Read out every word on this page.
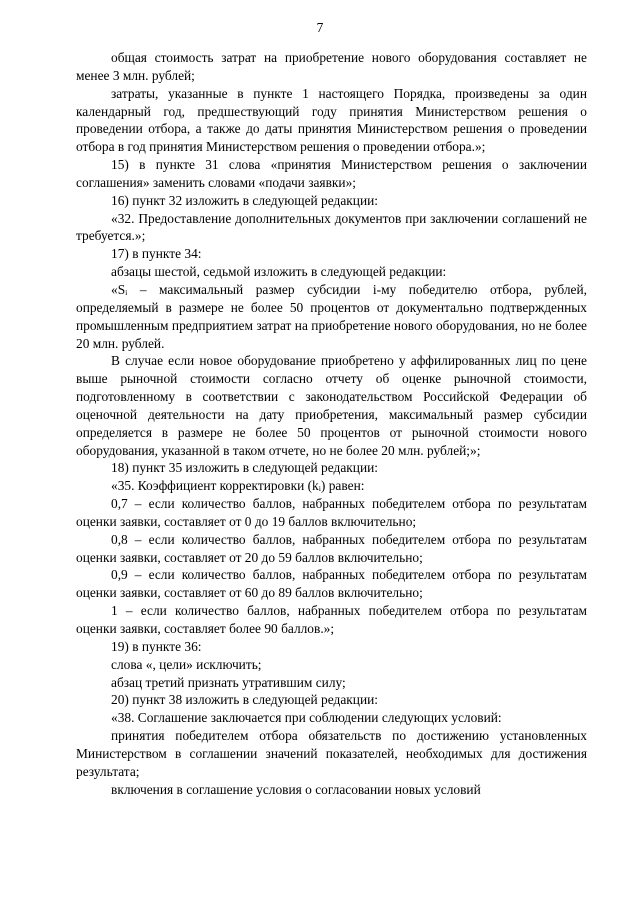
7

общая стоимость затрат на приобретение нового оборудования составляет не менее 3 млн. рублей;

затраты, указанные в пункте 1 настоящего Порядка, произведены за один календарный год, предшествующий году принятия Министерством решения о проведении отбора, а также до даты принятия Министерством решения о проведении отбора в год принятия Министерством решения о проведении отбора.»;

15) в пункте 31 слова «принятия Министерством решения о заключении соглашения» заменить словами «подачи заявки»;

16) пункт 32 изложить в следующей редакции:

«32. Предоставление дополнительных документов при заключении соглашений не требуется.»;

17) в пункте 34:

абзацы шестой, седьмой изложить в следующей редакции:

«Sᵢ – максимальный размер субсидии i-му победителю отбора, рублей, определяемый в размере не более 50 процентов от документально подтвержденных промышленным предприятием затрат на приобретение нового оборудования, но не более 20 млн. рублей.

В случае если новое оборудование приобретено у аффилированных лиц по цене выше рыночной стоимости согласно отчету об оценке рыночной стоимости, подготовленному в соответствии с законодательством Российской Федерации об оценочной деятельности на дату приобретения, максимальный размер субсидии определяется в размере не более 50 процентов от рыночной стоимости нового оборудования, указанной в таком отчете, но не более 20 млн. рублей;»;

18) пункт 35 изложить в следующей редакции:

«35. Коэффициент корректировки (kᵢ) равен:

0,7 – если количество баллов, набранных победителем отбора по результатам оценки заявки, составляет от 0 до 19 баллов включительно;

0,8 – если количество баллов, набранных победителем отбора по результатам оценки заявки, составляет от 20 до 59 баллов включительно;

0,9 – если количество баллов, набранных победителем отбора по результатам оценки заявки, составляет от 60 до 89 баллов включительно;

1 – если количество баллов, набранных победителем отбора по результатам оценки заявки, составляет более 90 баллов.»;

19) в пункте 36:

слова «, цели» исключить;

абзац третий признать утратившим силу;

20) пункт 38 изложить в следующей редакции:

«38. Соглашение заключается при соблюдении следующих условий:

принятия победителем отбора обязательств по достижению установленных Министерством в соглашении значений показателей, необходимых для достижения результата;

включения в соглашение условия о согласовании новых условий
